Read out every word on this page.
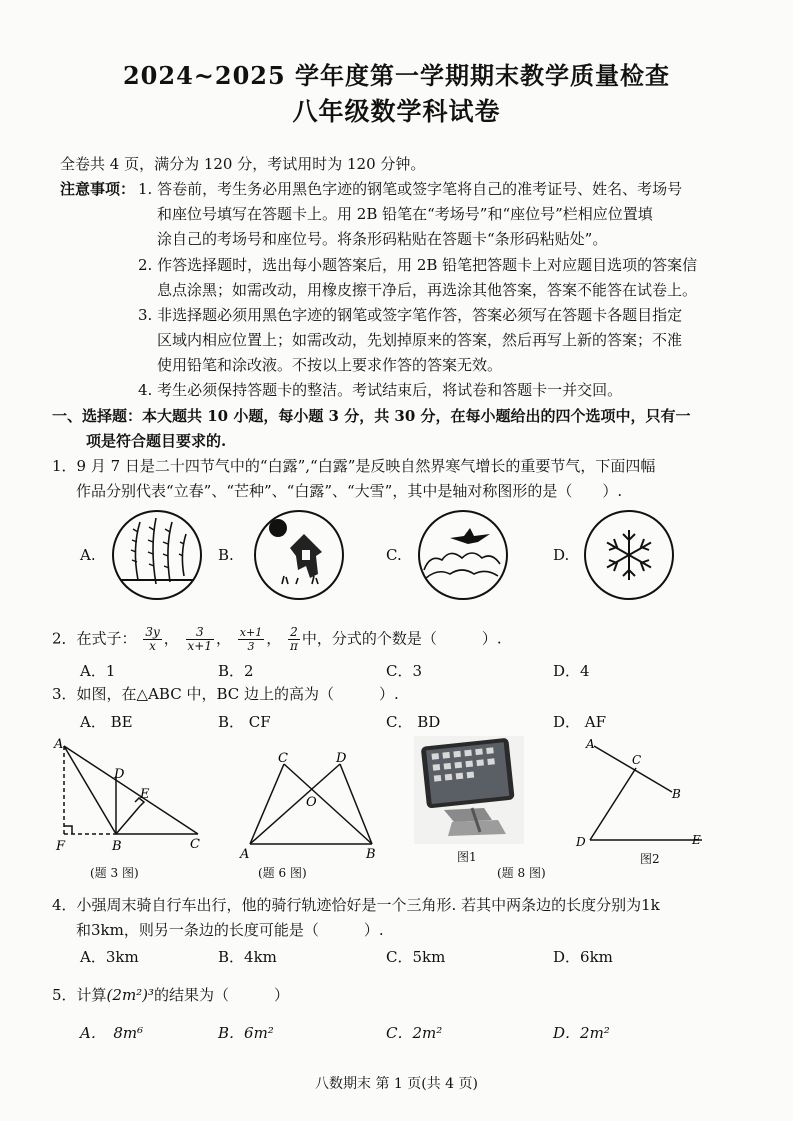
2024~2025 学年度第一学期期末教学质量检查
八年级数学科试卷
全卷共 4 页，满分为 120 分，考试用时为 120 分钟。
注意事项： 1. 答卷前，考生务必用黑色字迹的钢笔或签字笔将自己的准考证号、姓名、考场号
和座位号填写在答题卡上。用 2B 铅笔在“考场号”和“座位号”栏相应位置填
涂自己的考场号和座位号。将条形码粘贴在答题卡“条形码粘贴处”。
2. 作答选择题时，选出每小题答案后，用 2B 铅笔把答题卡上对应题目选项的答案信
息点涂黑；如需改动，用橡皮擦干净后，再选涂其他答案，答案不能答在试卷上。
3. 非选择题必须用黑色字迹的钢笔或签字笔作答，答案必须写在答题卡各题目指定
区域内相应位置上；如需改动，先划掉原来的答案，然后再写上新的答案；不准
使用铅笔和涂改液。不按以上要求作答的答案无效。
4. 考生必须保持答题卡的整洁。考试结束后，将试卷和答题卡一并交回。
一、选择题：本大题共 10 小题，每小题 3 分，共 30 分，在每小题给出的四个选项中，只有一
项是符合题目要求的.
1．9 月 7 日是二十四节气中的“白露”,“白露”是反映自然界寒气增长的重要节气，下面四幅
作品分别代表“立春”、“芒种”、“白露”、“大雪”，其中是轴对称图形的是（　　）.
A.	B.	C.	D.
2．在式子： $\frac{3y}{x}$ ， $\frac{3}{x+1}$ ， $\frac{x+1}{3}$ ， $\frac{2}{\pi}$ 中，分式的个数是（　　　）.
A．1	B．2	C．3	D．4
3．如图，在△ABC 中，BC 边上的高为（　　　）.
A． BE	B． CF	C． BD	D． AF
A
D
E
F	B	C
(题 3 图)
C	D
O
A	B
(题 6 图)
图1
A
C
B
D	E
(题 8 图)
图2
4．小强周末骑自行车出行，他的骑行轨迹恰好是一个三角形. 若其中两条边的长度分别为1k
和3km，则另一条边的长度可能是（　　　）.
A．3km	B．4km	C．5km	D．6km
5．计算(2m²)³的结果为（　　　）
A．　8m⁶	B．6m²	C．2m²	D．2m²
八数期末 第 1 页(共 4 页)
